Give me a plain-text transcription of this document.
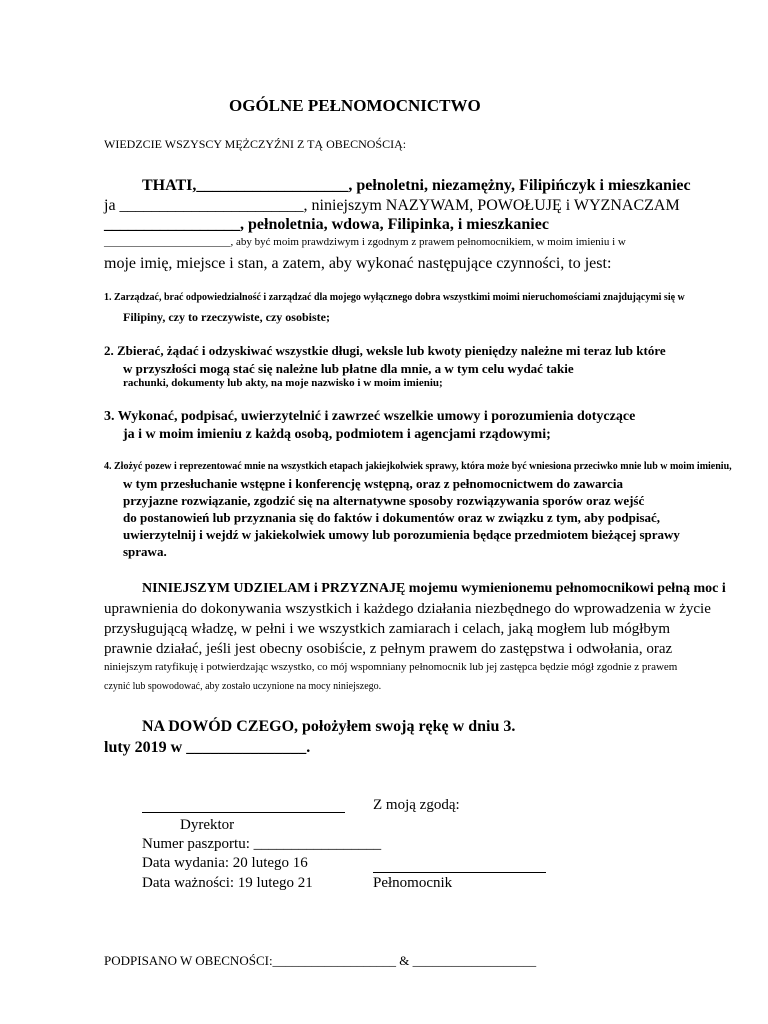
OGÓLNE PEŁNOMOCNICTWO
WIEDZCIE WSZYSCY MĘŻCZYŹNI Z TĄ OBECNOŚCIĄ:
THATI,___________________, pełnoletni, niezamężny, Filipińczyk i mieszkaniec
ja _______________________, niniejszym NAZYWAM, POWOŁUJĘ i WYZNACZAM
_________________, pełnoletnia, wdowa, Filipinka, i mieszkaniec
_______________________, aby być moim prawdziwym i zgodnym z prawem pełnomocnikiem, w moim imieniu i w
moje imię, miejsce i stan, a zatem, aby wykonać następujące czynności, to jest:
1. Zarządzać, brać odpowiedzialność i zarządzać dla mojego wyłącznego dobra wszystkimi moimi nieruchomościami znajdującymi się w
Filipiny, czy to rzeczywiste, czy osobiste;
2. Zbierać, żądać i odzyskiwać wszystkie długi, weksle lub kwoty pieniędzy należne mi teraz lub które
w przyszłości mogą stać się należne lub płatne dla mnie, a w tym celu wydać takie
rachunki, dokumenty lub akty, na moje nazwisko i w moim imieniu;
3. Wykonać, podpisać, uwierzytelnić i zawrzeć wszelkie umowy i porozumienia dotyczące
ja i w moim imieniu z każdą osobą, podmiotem i agencjami rządowymi;
4. Złożyć pozew i reprezentować mnie na wszystkich etapach jakiejkolwiek sprawy, która może być wniesiona przeciwko mnie lub w moim imieniu,
w tym przesłuchanie wstępne i konferencję wstępną, oraz z pełnomocnictwem do zawarcia
przyjazne rozwiązanie, zgodzić się na alternatywne sposoby rozwiązywania sporów oraz wejść
do postanowień lub przyznania się do faktów i dokumentów oraz w związku z tym, aby podpisać,
uwierzytelnij i wejdź w jakiekolwiek umowy lub porozumienia będące przedmiotem bieżącej sprawy
sprawa.
NINIEJSZYM UDZIELAM i PRZYZNAJĘ mojemu wymienionemu pełnomocnikowi pełną moc i
uprawnienia do dokonywania wszystkich i każdego działania niezbędnego do wprowadzenia w życie
przysługującą władzę, w pełni i we wszystkich zamiarach i celach, jaką mogłem lub mógłbym
prawnie działać, jeśli jest obecny osobiście, z pełnym prawem do zastępstwa i odwołania, oraz
niniejszym ratyfikuję i potwierdzając wszystko, co mój wspomniany pełnomocnik lub jej zastępca będzie mógł zgodnie z prawem
czynić lub spowodować, aby zostało uczynione na mocy niniejszego.
NA DOWÓD CZEGO, położyłem swoją rękę w dniu 3.
luty 2019 w _______________.
Z moją zgodą:
Dyrektor
Numer paszportu: _________________
Data wydania: 20 lutego 16
Data ważności: 19 lutego 21	Pełnomocnik
PODPISANO W OBECNOŚCI:___________________ & ___________________
